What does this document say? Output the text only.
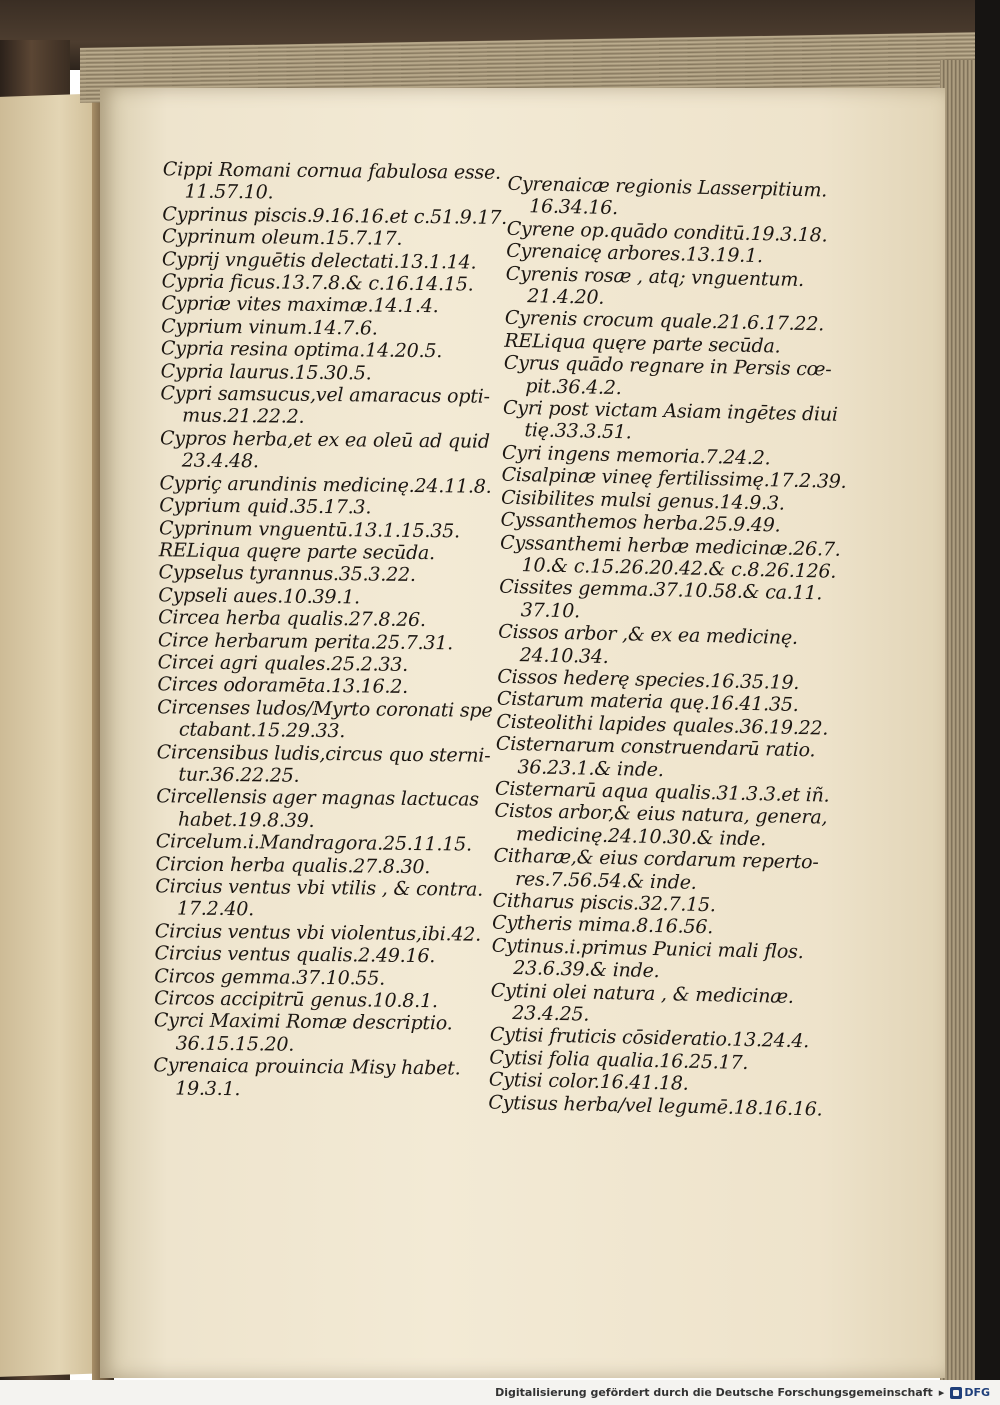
Cippi Romani cornua fabulosa esse.
11.57.10.
Cyprinus piscis.9.16.16.et c.51.9.17.
Cyprinum oleum.15.7.17.
Cyprij vnguētis delectati.13.1.14.
Cypria ficus.13.7.8.& c.16.14.15.
Cypriæ vites maximæ.14.1.4.
Cyprium vinum.14.7.6.
Cypria resina optima.14.20.5.
Cypria laurus.15.30.5.
Cypri samsucus,vel amaracus opti-
mus.21.22.2.
Cypros herba,et ex ea oleū ad quid
23.4.48.
Cypriç arundinis medicinę.24.11.8.
Cyprium quid.35.17.3.
Cyprinum vnguentū.13.1.15.35.
RELiqua quęre parte secūda.
Cypselus tyrannus.35.3.22.
Cypseli aues.10.39.1.
Circea herba qualis.27.8.26.
Circe herbarum perita.25.7.31.
Circei agri quales.25.2.33.
Circes odoramēta.13.16.2.
Circenses ludos/Myrto coronati spe
ctabant.15.29.33.
Circensibus ludis,circus quo sterni-
tur.36.22.25.
Circellensis ager magnas lactucas
habet.19.8.39.
Circelum.i.Mandragora.25.11.15.
Circion herba qualis.27.8.30.
Circius ventus vbi vtilis , & contra.
17.2.40.
Circius ventus vbi violentus,ibi.42.
Circius ventus qualis.2.49.16.
Circos gemma.37.10.55.
Circos accipitrū genus.10.8.1.
Cyrci Maximi Romæ descriptio.
36.15.15.20.
Cyrenaica prouincia Misy habet.
19.3.1.
Cyrenaicæ regionis Lasserpitium.
16.34.16.
Cyrene op.quādo conditū.19.3.18.
Cyrenaicę arbores.13.19.1.
Cyrenis rosæ , atq; vnguentum.
21.4.20.
Cyrenis crocum quale.21.6.17.22.
RELiqua quęre parte secūda.
Cyrus quādo regnare in Persis cœ-
pit.36.4.2.
Cyri post victam Asiam ingētes diui
tię.33.3.51.
Cyri ingens memoria.7.24.2.
Cisalpinæ vineę fertilissimę.17.2.39.
Cisibilites mulsi genus.14.9.3.
Cyssanthemos herba.25.9.49.
Cyssanthemi herbæ medicinæ.26.7.
10.& c.15.26.20.42.& c.8.26.126.
Cissites gemma.37.10.58.& ca.11.
37.10.
Cissos arbor ,& ex ea medicinę.
24.10.34.
Cissos hederę species.16.35.19.
Cistarum materia quę.16.41.35.
Cisteolithi lapides quales.36.19.22.
Cisternarum construendarū ratio.
36.23.1.& inde.
Cisternarū aqua qualis.31.3.3.et iñ.
Cistos arbor,& eius natura, genera,
medicinę.24.10.30.& inde.
Citharæ,& eius cordarum reperto-
res.7.56.54.& inde.
Citharus piscis.32.7.15.
Cytheris mima.8.16.56.
Cytinus.i.primus Punici mali flos.
23.6.39.& inde.
Cytini olei natura , & medicinæ.
23.4.25.
Cytisi fruticis cōsideratio.13.24.4.
Cytisi folia qualia.16.25.17.
Cytisi color.16.41.18.
Cytisus herba/vel legumē.18.16.16.
Digitalisierung gefördert durch die Deutsche Forschungsgemeinschaft ▸ DFG
